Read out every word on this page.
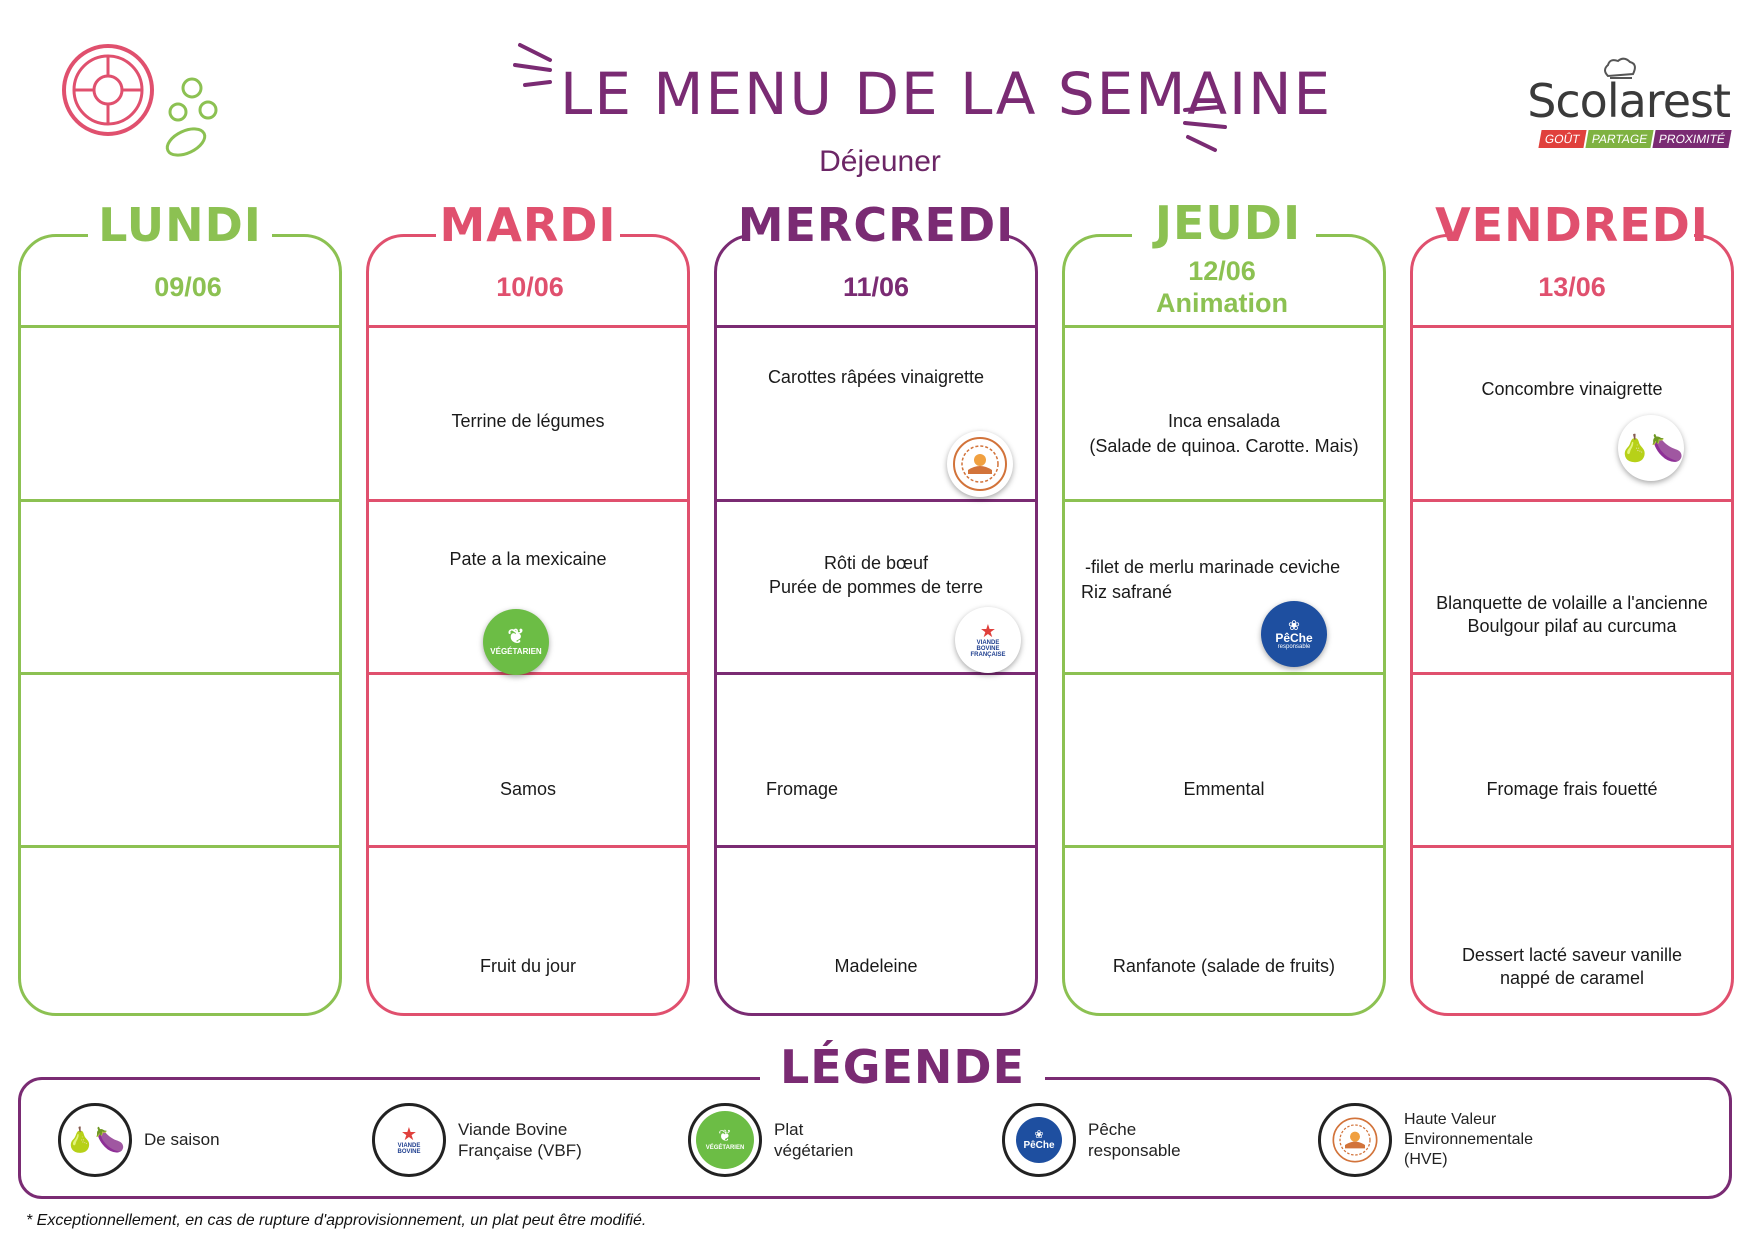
LE MENU DE LA SEMAINE
Déjeuner
Scolarest
GOÛT PARTAGE PROXIMITÉ
LUNDI
09/06
Terrine de légumes
Pate a la mexicaine
❦
VÉGÉTARIEN
Samos
Fruit du jour
MARDI
10/06
Carottes râpées vinaigrette
Rôti de bœuf
Purée de pommes de terre
★
VIANDE
BOVINE
FRANÇAISE
Fromage
Madeleine
MERCREDI
11/06
Inca ensalada
(Salade de quinoa. Carotte. Mais)
-filet de merlu marinade ceviche
Riz safrané
❀
PêChe
responsable
Emmental
Ranfanote (salade de fruits)
JEUDI
12/06
Animation
Concombre vinaigrette
🍐🍆
Blanquette de volaille a l'ancienne
Boulgour pilaf au curcuma
Fromage frais fouetté
Dessert lacté saveur vanille
nappé de caramel
VENDREDI
13/06
LÉGENDE
🍐🍆	De saison	★
VIANDE
BOVINE
Viande Bovine
Française (VBF)
❦
VÉGÉTARIEN
Plat
végétarien
❀
PêChe
Pêche
responsable
Haute Valeur
Environnementale
(HVE)
* Exceptionnellement, en cas de rupture d'approvisionnement, un plat peut être modifié.
